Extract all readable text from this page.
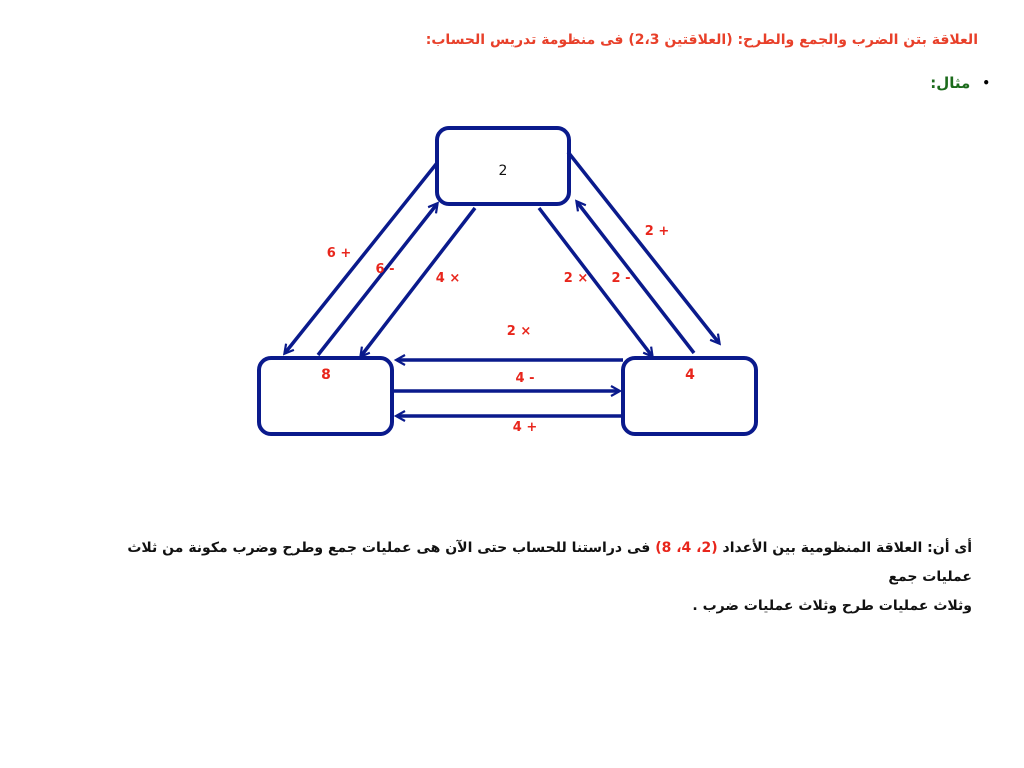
العلاقة بتن الضرب والجمع والطرح: (العلاقتين 2،3) فى منظومة تدريس الحساب:
•
مثال:
2
8	4
2 +
2 -
2 ×
6 +
6 -
4 ×
2 ×
4 -
4 +
أى أن: العلاقة المنظومية بين الأعداد (2، 4، 8) فى دراستنا للحساب حتى الآن هى عمليات جمع وطرح وضرب مكونة من ثلاث عمليات جمع
وثلاث عمليات طرح وثلاث عمليات ضرب .
